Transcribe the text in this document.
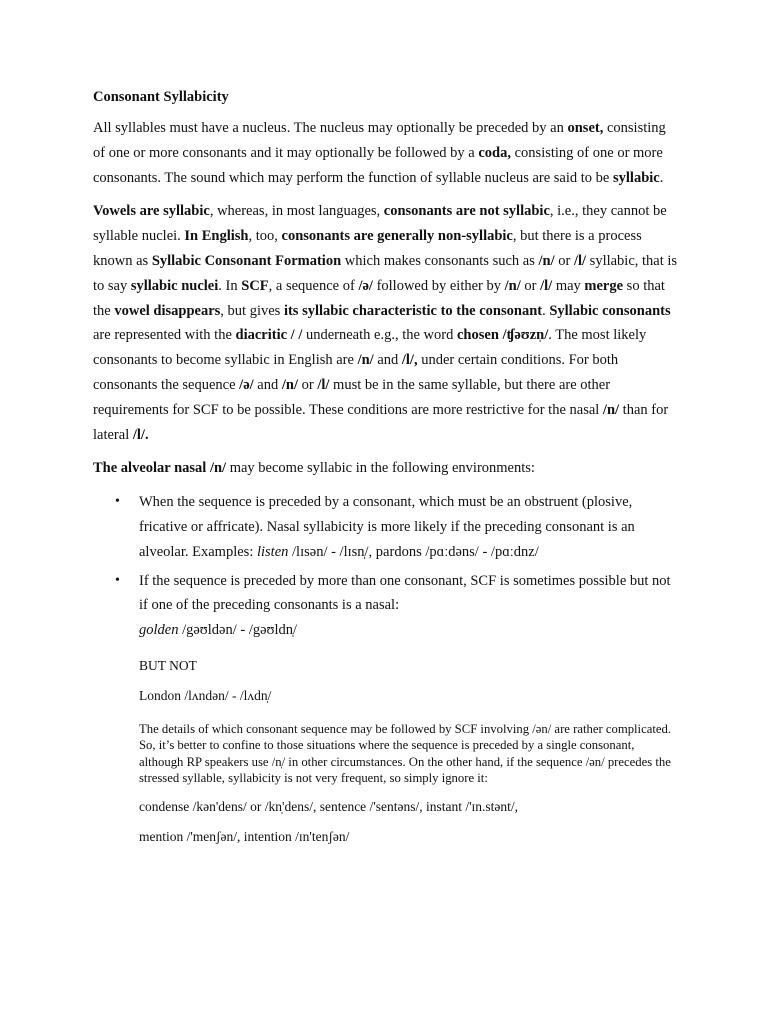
Consonant Syllabicity

All syllables must have a nucleus. The nucleus may optionally be preceded by an onset, consisting of one or more consonants and it may optionally be followed by a coda, consisting of one or more consonants. The sound which may perform the function of syllable nucleus are said to be syllabic.

Vowels are syllabic, whereas, in most languages, consonants are not syllabic, i.e., they cannot be syllable nuclei. In English, too, consonants are generally non-syllabic, but there is a process known as Syllabic Consonant Formation which makes consonants such as /n/ or /l/ syllabic, that is to say syllabic nuclei. In SCF, a sequence of /ə/ followed by either by /n/ or /l/ may merge so that the vowel disappears, but gives its syllabic characteristic to the consonant. Syllabic consonants are represented with the diacritic / / underneath e.g., the word chosen /ʧəʊzn̩/. The most likely consonants to become syllabic in English are /n/ and /l/, under certain conditions. For both consonants the sequence /ə/ and /n/ or /l/ must be in the same syllable, but there are other requirements for SCF to be possible. These conditions are more restrictive for the nasal /n/ than for lateral /l/.

The alveolar nasal /n/ may become syllabic in the following environments:

• When the sequence is preceded by a consonant, which must be an obstruent (plosive, fricative or affricate). Nasal syllabicity is more likely if the preceding consonant is an alveolar. Examples: listen /lɪsən/ - /lɪsn̩/, pardons /pɑːdəns/ - /pɑːdnz/
• If the sequence is preceded by more than one consonant, SCF is sometimes possible but not if one of the preceding consonants is a nasal:
golden /gəʊldən/ - /gəʊldn̩/
BUT NOT
London /lʌndən/ - /lʌdn̩/

The details of which consonant sequence may be followed by SCF involving /ən/ are rather complicated. So, it’s better to confine to those situations where the sequence is preceded by a single consonant, although RP speakers use /n̩/ in other circumstances. On the other hand, if the sequence /ən/ precedes the stressed syllable, syllabicity is not very frequent, so simply ignore it:

condense /kən'dens/ or /kn̩'dens/, sentence /'sentəns/, instant /'ɪn.stənt/,
mention /'menʃən/, intention /ɪn'tenʃən/
